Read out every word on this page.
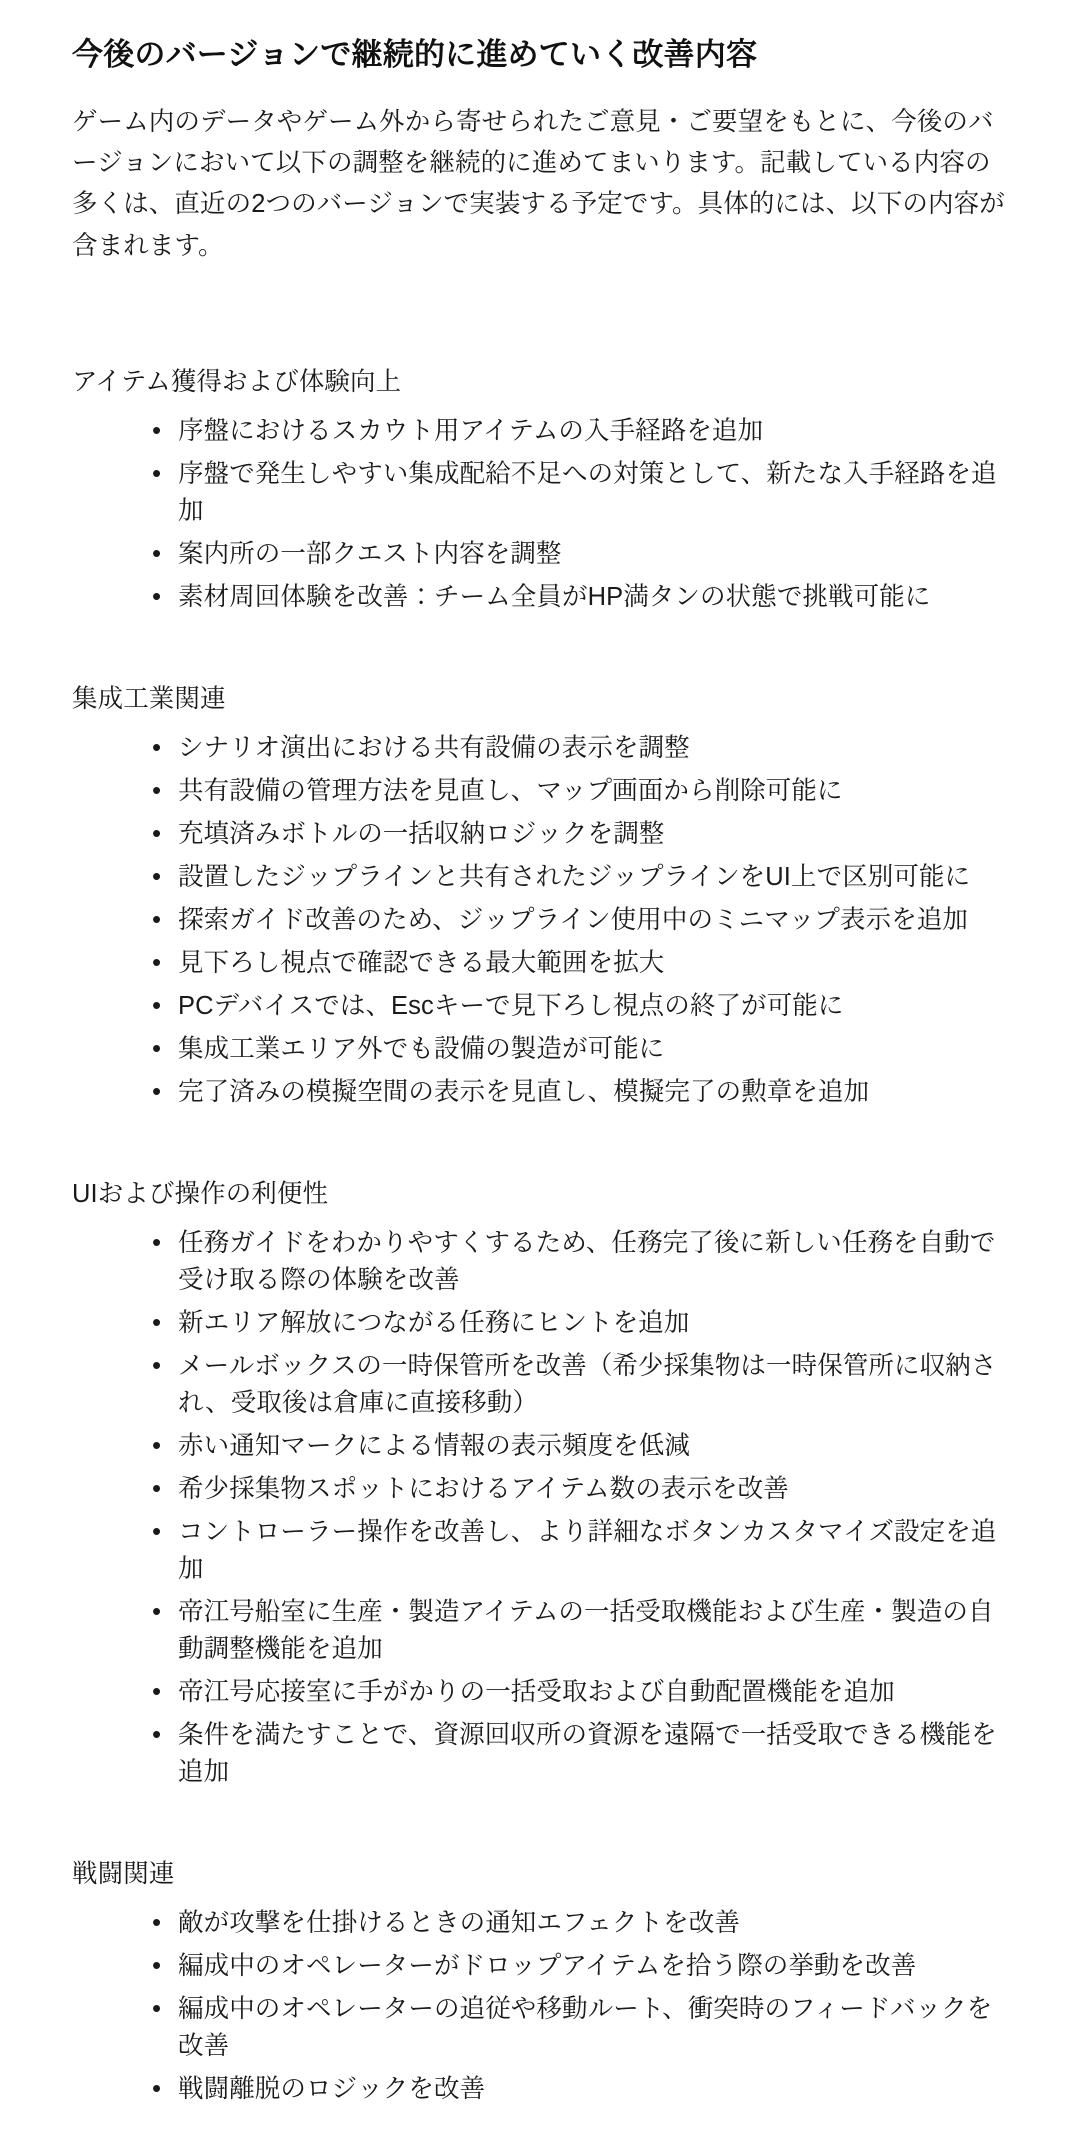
今後のバージョンで継続的に進めていく改善内容

ゲーム内のデータやゲーム外から寄せられたご意見・ご要望をもとに、今後のバージョンにおいて以下の調整を継続的に進めてまいります。記載している内容の多くは、直近の2つのバージョンで実装する予定です。具体的には、以下の内容が含まれます。

アイテム獲得および体験向上
• 序盤におけるスカウト用アイテムの入手経路を追加
• 序盤で発生しやすい集成配給不足への対策として、新たな入手経路を追加
• 案内所の一部クエスト内容を調整
• 素材周回体験を改善：チーム全員がHP満タンの状態で挑戦可能に
集成工業関連
• シナリオ演出における共有設備の表示を調整
• 共有設備の管理方法を見直し、マップ画面から削除可能に
• 充填済みボトルの一括収納ロジックを調整
• 設置したジップラインと共有されたジップラインをUI上で区別可能に
• 探索ガイド改善のため、ジップライン使用中のミニマップ表示を追加
• 見下ろし視点で確認できる最大範囲を拡大
• PCデバイスでは、Escキーで見下ろし視点の終了が可能に
• 集成工業エリア外でも設備の製造が可能に
• 完了済みの模擬空間の表示を見直し、模擬完了の勲章を追加
UIおよび操作の利便性
• 任務ガイドをわかりやすくするため、任務完了後に新しい任務を自動で受け取る際の体験を改善
• 新エリア解放につながる任務にヒントを追加
• メールボックスの一時保管所を改善（希少採集物は一時保管所に収納され、受取後は倉庫に直接移動）
• 赤い通知マークによる情報の表示頻度を低減
• 希少採集物スポットにおけるアイテム数の表示を改善
• コントローラー操作を改善し、より詳細なボタンカスタマイズ設定を追加
• 帝江号船室に生産・製造アイテムの一括受取機能および生産・製造の自動調整機能を追加
• 帝江号応接室に手がかりの一括受取および自動配置機能を追加
• 条件を満たすことで、資源回収所の資源を遠隔で一括受取できる機能を追加
戦闘関連
• 敵が攻撃を仕掛けるときの通知エフェクトを改善
• 編成中のオペレーターがドロップアイテムを拾う際の挙動を改善
• 編成中のオペレーターの追従や移動ルート、衝突時のフィードバックを改善
• 戦闘離脱のロジックを改善
